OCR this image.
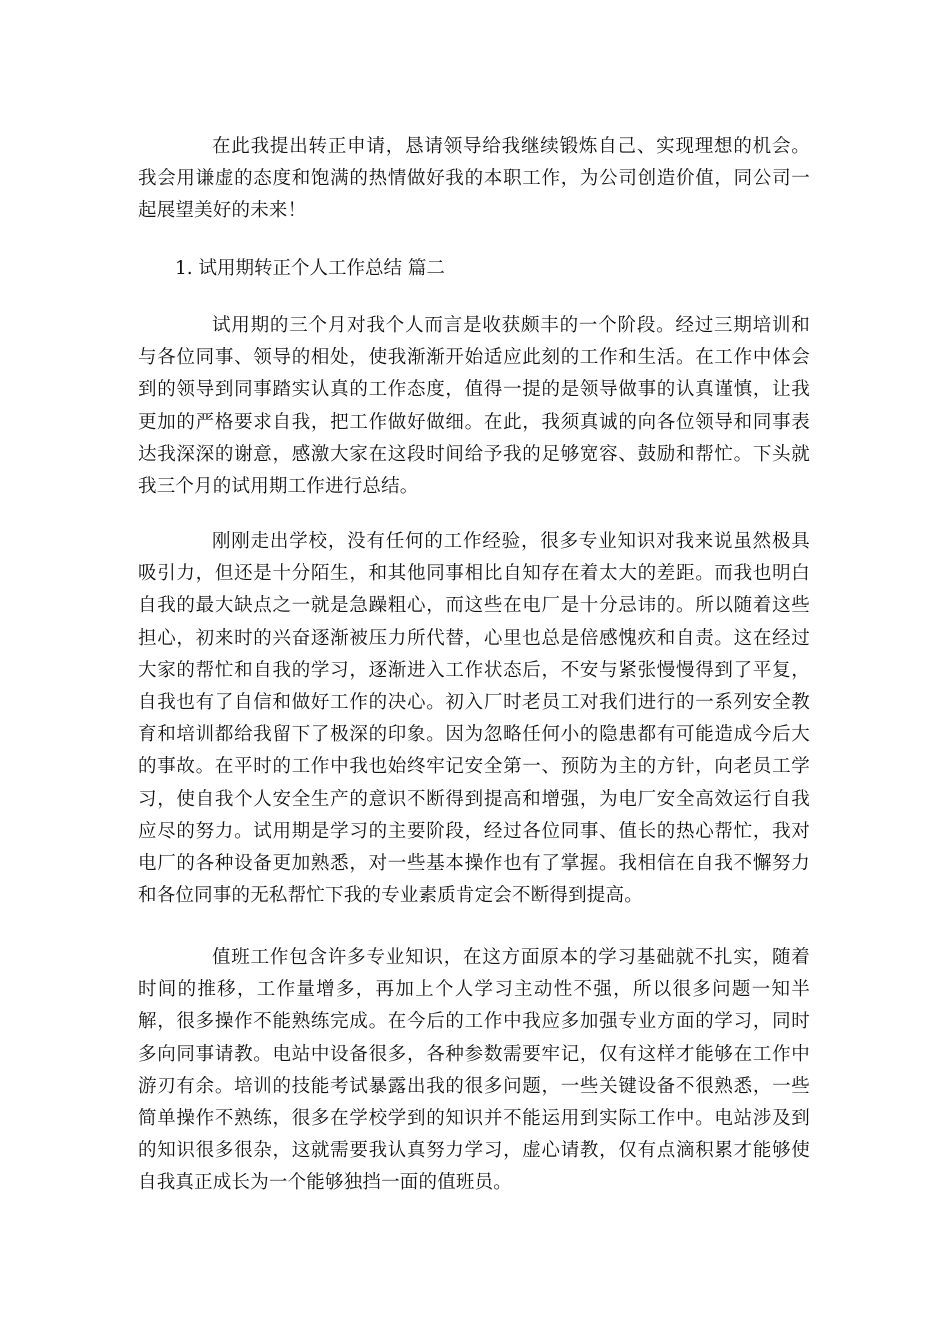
在此我提出转正申请，恳请领导给我继续锻炼自己、实现理想的机会。我会用谦虚的态度和饱满的热情做好我的本职工作，为公司创造价值，同公司一起展望美好的未来！

1. 试用期转正个人工作总结 篇二

试用期的三个月对我个人而言是收获颇丰的一个阶段。经过三期培训和与各位同事、领导的相处，使我渐渐开始适应此刻的工作和生活。在工作中体会到的领导到同事踏实认真的工作态度，值得一提的是领导做事的认真谨慎，让我更加的严格要求自我，把工作做好做细。在此，我须真诚的向各位领导和同事表达我深深的谢意，感激大家在这段时间给予我的足够宽容、鼓励和帮忙。下头就我三个月的试用期工作进行总结。

刚刚走出学校，没有任何的工作经验，很多专业知识对我来说虽然极具吸引力，但还是十分陌生，和其他同事相比自知存在着太大的差距。而我也明白自我的最大缺点之一就是急躁粗心，而这些在电厂是十分忌讳的。所以随着这些担心，初来时的兴奋逐渐被压力所代替，心里也总是倍感愧疚和自责。这在经过大家的帮忙和自我的学习，逐渐进入工作状态后，不安与紧张慢慢得到了平复，自我也有了自信和做好工作的决心。初入厂时老员工对我们进行的一系列安全教育和培训都给我留下了极深的印象。因为忽略任何小的隐患都有可能造成今后大的事故。在平时的工作中我也始终牢记安全第一、预防为主的方针，向老员工学习，使自我个人安全生产的意识不断得到提高和增强，为电厂安全高效运行自我应尽的努力。试用期是学习的主要阶段，经过各位同事、值长的热心帮忙，我对电厂的各种设备更加熟悉，对一些基本操作也有了掌握。我相信在自我不懈努力和各位同事的无私帮忙下我的专业素质肯定会不断得到提高。

值班工作包含许多专业知识，在这方面原本的学习基础就不扎实，随着时间的推移，工作量增多，再加上个人学习主动性不强，所以很多问题一知半解，很多操作不能熟练完成。在今后的工作中我应多加强专业方面的学习，同时多向同事请教。电站中设备很多，各种参数需要牢记，仅有这样才能够在工作中游刃有余。培训的技能考试暴露出我的很多问题，一些关键设备不很熟悉，一些简单操作不熟练，很多在学校学到的知识并不能运用到实际工作中。电站涉及到的知识很多很杂，这就需要我认真努力学习，虚心请教，仅有点滴积累才能够使自我真正成长为一个能够独挡一面的值班员。
